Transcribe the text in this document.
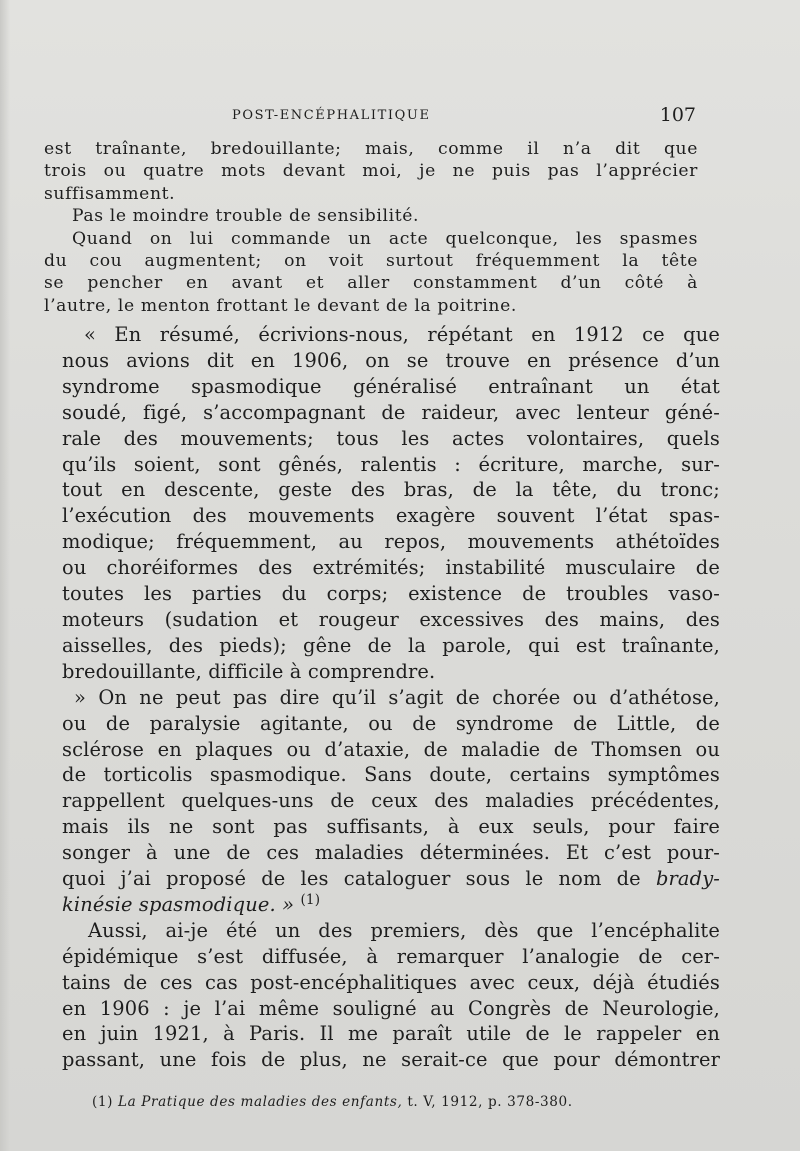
POST-ENCÉPHALITIQUE	107
est traînante, bredouillante; mais, comme il n’a dit que
trois ou quatre mots devant moi, je ne puis pas l’apprécier
suffisamment.
Pas le moindre trouble de sensibilité.
Quand on lui commande un acte quelconque, les spasmes
du cou augmentent; on voit surtout fréquemment la tête
se pencher en avant et aller constamment d’un côté à
l’autre, le menton frottant le devant de la poitrine.
« En résumé, écrivions-nous, répétant en 1912 ce que
nous avions dit en 1906, on se trouve en présence d’un
syndrome spasmodique généralisé entraînant un état
soudé, figé, s’accompagnant de raideur, avec lenteur géné-
rale des mouvements; tous les actes volontaires, quels
qu’ils soient, sont gênés, ralentis : écriture, marche, sur-
tout en descente, geste des bras, de la tête, du tronc;
l’exécution des mouvements exagère souvent l’état spas-
modique; fréquemment, au repos, mouvements athétoïdes
ou choréiformes des extrémités; instabilité musculaire de
toutes les parties du corps; existence de troubles vaso-
moteurs (sudation et rougeur excessives des mains, des
aisselles, des pieds); gêne de la parole, qui est traînante,
bredouillante, difficile à comprendre.
» On ne peut pas dire qu’il s’agit de chorée ou d’athétose,
ou de paralysie agitante, ou de syndrome de Little, de
sclérose en plaques ou d’ataxie, de maladie de Thomsen ou
de torticolis spasmodique. Sans doute, certains symptômes
rappellent quelques-uns de ceux des maladies précédentes,
mais ils ne sont pas suffisants, à eux seuls, pour faire
songer à une de ces maladies déterminées. Et c’est pour-
quoi j’ai proposé de les cataloguer sous le nom de brady-
kinésie spasmodique. » $^{(1)}$
Aussi, ai-je été un des premiers, dès que l’encéphalite
épidémique s’est diffusée, à remarquer l’analogie de cer-
tains de ces cas post-encéphalitiques avec ceux, déjà étudiés
en 1906 : je l’ai même souligné au Congrès de Neurologie,
en juin 1921, à Paris. Il me paraît utile de le rappeler en
passant, une fois de plus, ne serait-ce que pour démontrer
(1) La Pratique des maladies des enfants, t. V, 1912, p. 378-380.
